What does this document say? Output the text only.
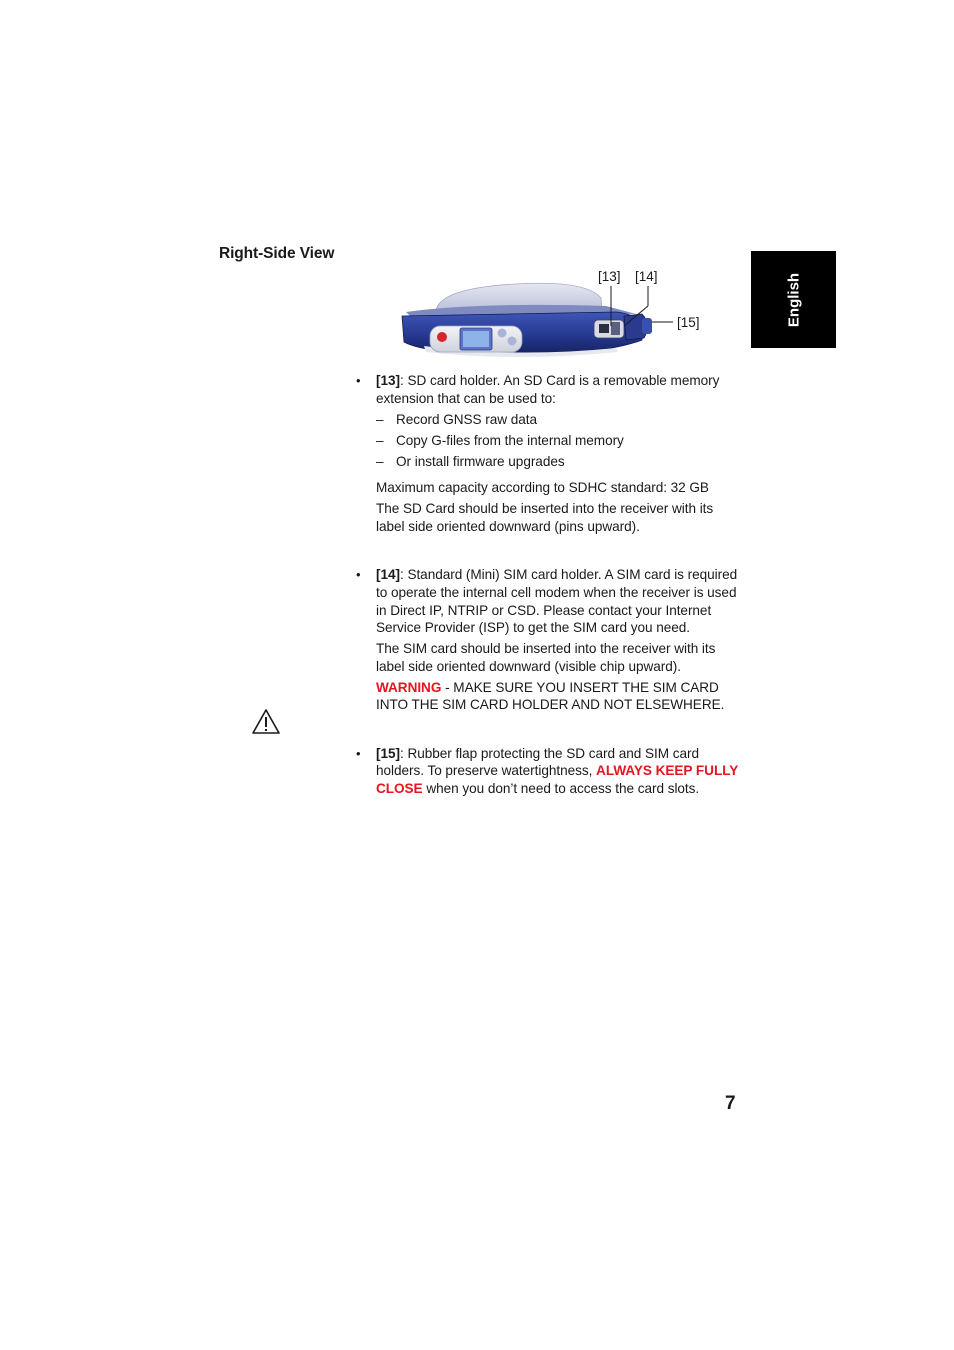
Right-Side View
English
[13] [14]
[15]
• [13]: SD card holder. An SD Card is a removable memory extension that can be used to:
– Record GNSS raw data
– Copy G-files from the internal memory
– Or install firmware upgrades
Maximum capacity according to SDHC standard: 32 GB
The SD Card should be inserted into the receiver with its label side oriented downward (pins upward).
• [14]: Standard (Mini) SIM card holder. A SIM card is required to operate the internal cell modem when the receiver is used in Direct IP, NTRIP or CSD. Please contact your Internet Service Provider (ISP) to get the SIM card you need.
The SIM card should be inserted into the receiver with its label side oriented downward (visible chip upward).
WARNING - MAKE SURE YOU INSERT THE SIM CARD INTO THE SIM CARD HOLDER AND NOT ELSEWHERE.
• [15]: Rubber flap protecting the SD card and SIM card holders. To preserve watertightness, ALWAYS KEEP FULLY CLOSE when you don’t need to access the card slots.
7
